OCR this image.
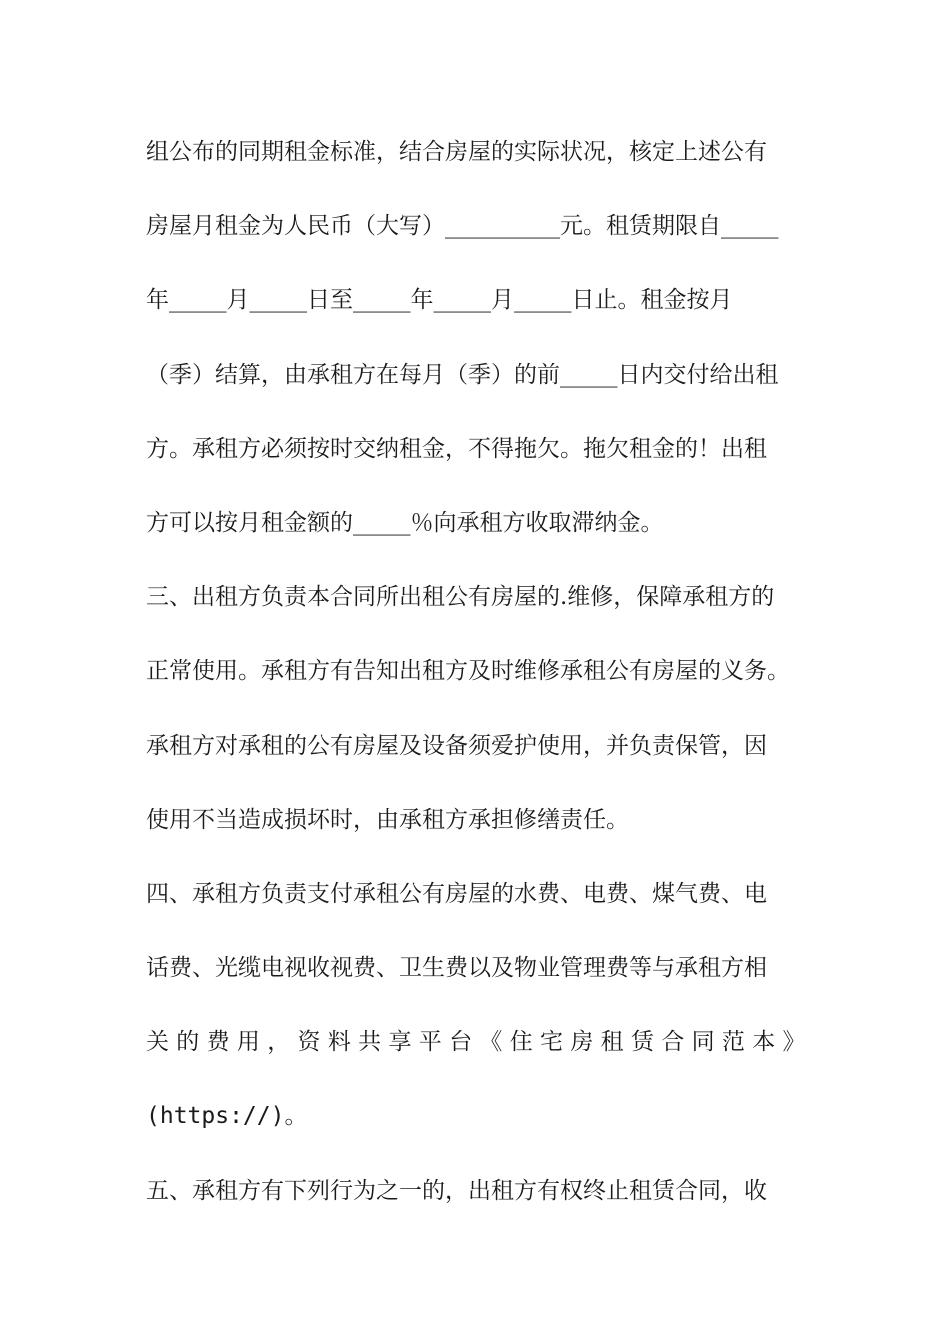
组公布的同期租金标准，结合房屋的实际状况，核定上述公有
房屋月租金为人民币（大写）__________元。租赁期限自_____
年_____月_____日至_____年_____月_____日止。租金按月
（季）结算，由承租方在每月（季）的前_____日内交付给出租
方。承租方必须按时交纳租金，不得拖欠。拖欠租金的！出租
方可以按月租金额的_____％向承租方收取滞纳金。
三、出租方负责本合同所出租公有房屋的.维修，保障承租方的
正常使用。承租方有告知出租方及时维修承租公有房屋的义务。
承租方对承租的公有房屋及设备须爱护使用，并负责保管，因
使用不当造成损坏时，由承租方承担修缮责任。
四、承租方负责支付承租公有房屋的水费、电费、煤气费、电
话费、光缆电视收视费、卫生费以及物业管理费等与承租方相
关 的 费 用 ， 资 料 共 享 平 台 《 住 宅 房 租 赁 合 同 范 本 》
(https://)。
五、承租方有下列行为之一的，出租方有权终止租赁合同，收
